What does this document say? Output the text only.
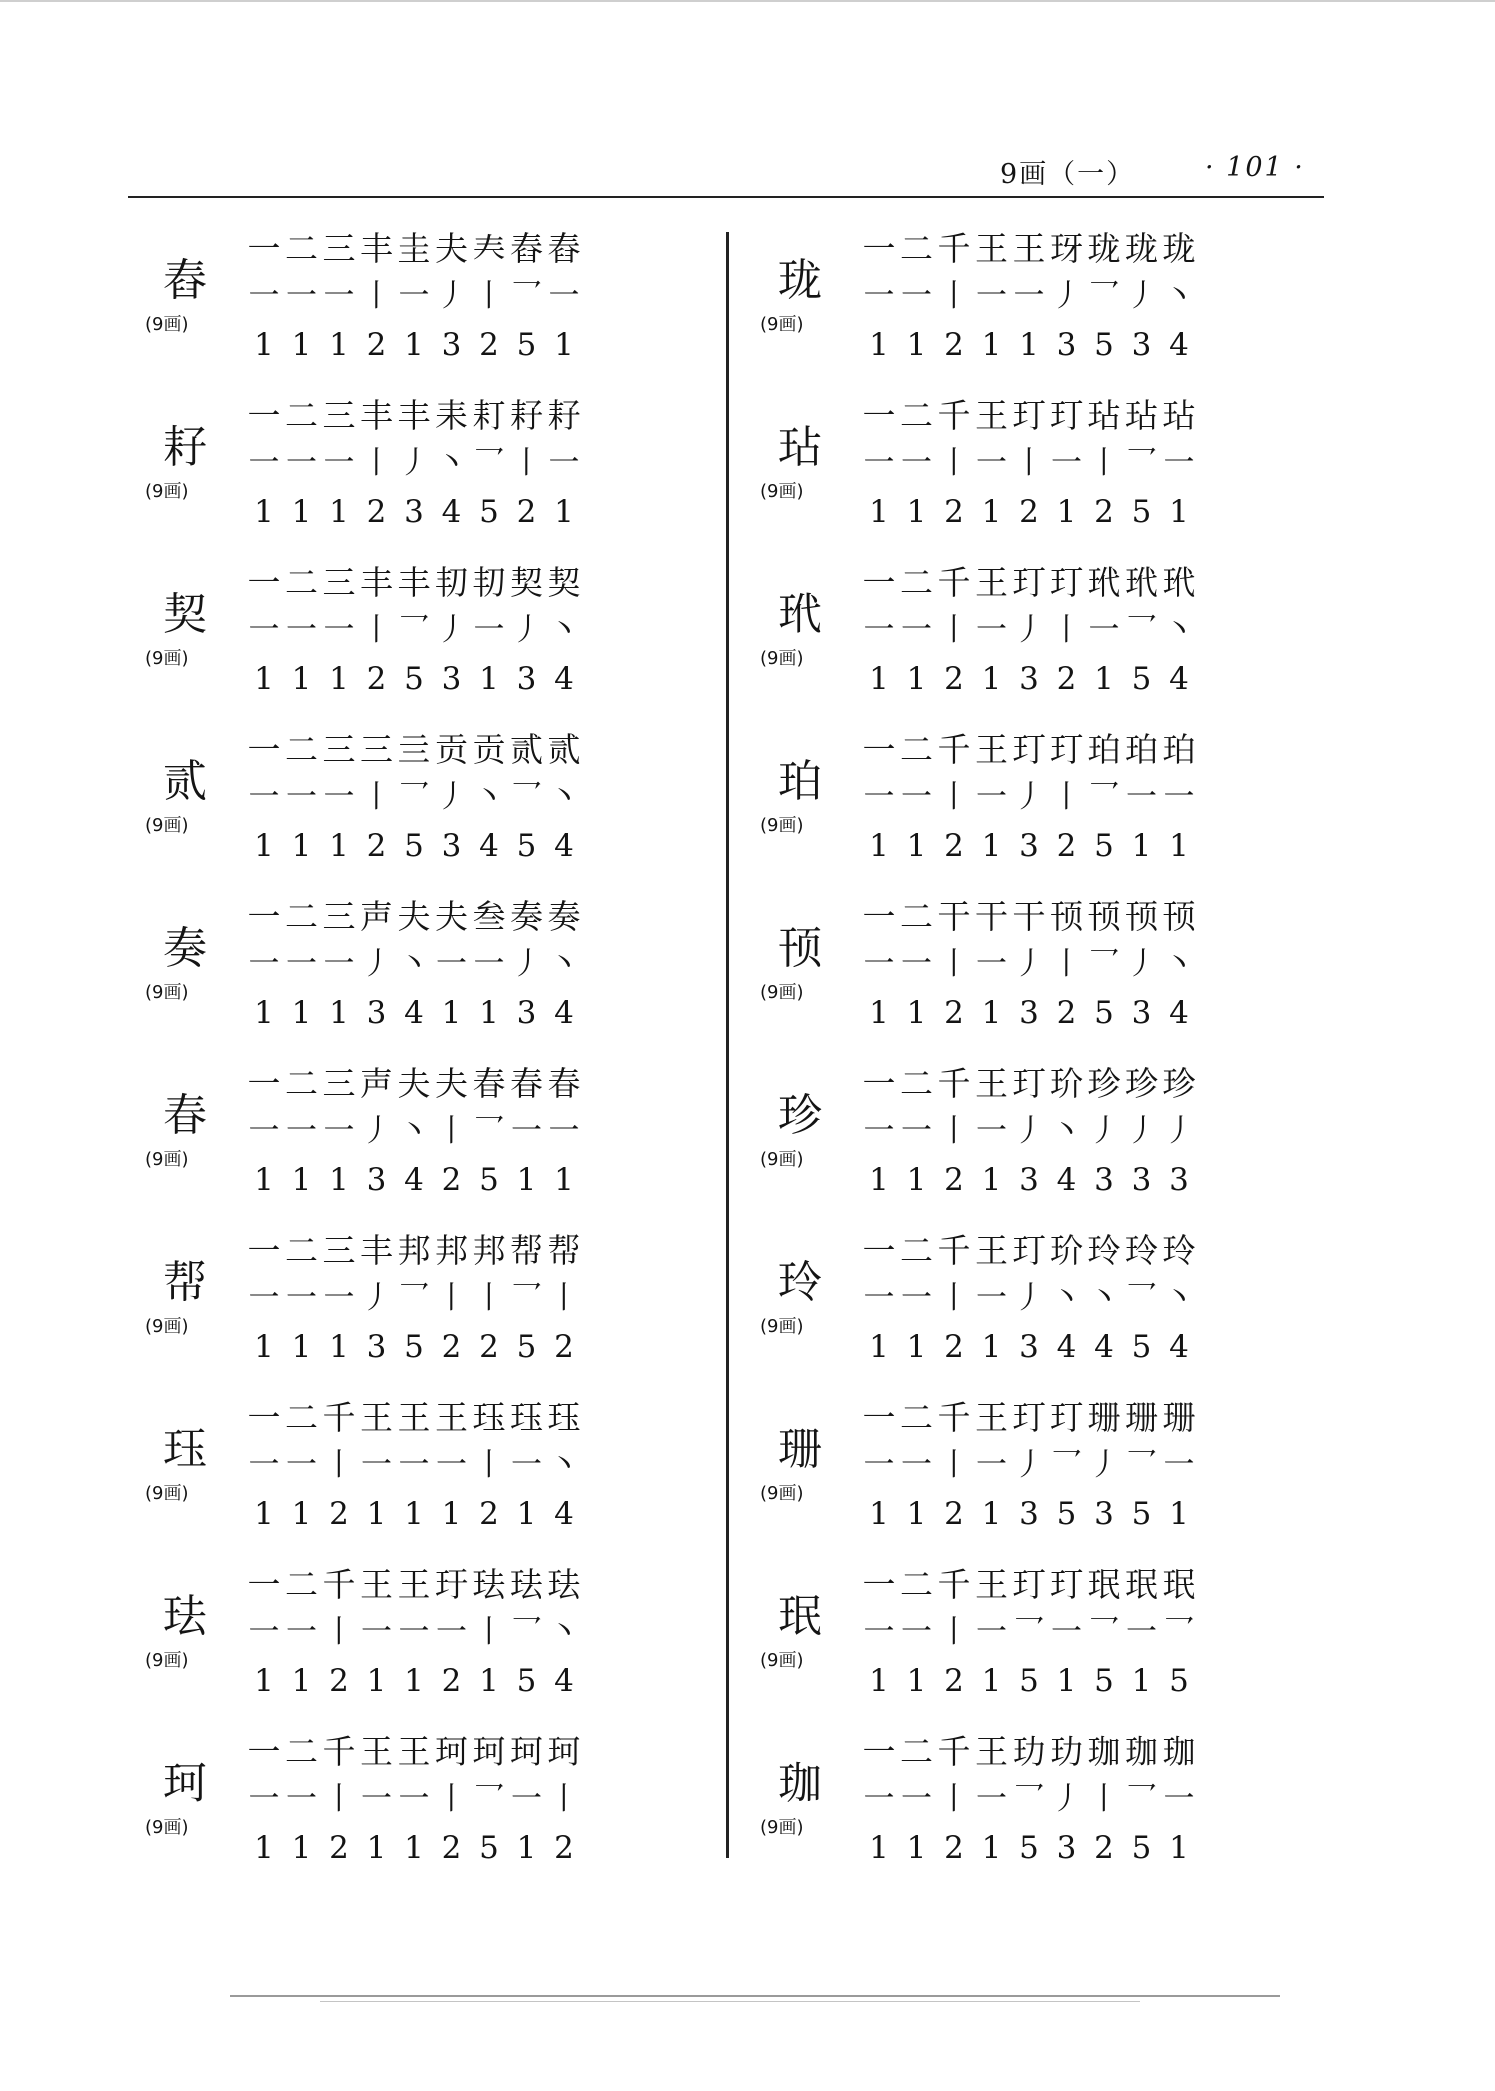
9画（一）	· 101 ·
舂
(9画)
一 二 三 丰 圭 夫 𡗗 舂 舂
一 一 一 丨 一 丿 丨 乛 一
1 1 1 2 1 3 2 5 1
耔
(9画)
一 二 三 丰 丰 耒 耓 耔 耔
一 一 一 丨 丿 丶 乛 丨 一
1 1 1 2 3 4 5 2 1
契
(9画)
一 二 三 丰 丰 㓞 㓞 契 契
一 一 一 丨 乛 丿 一 丿 丶
1 1 1 2 5 3 1 3 4
贰
(9画)
一 二 三 三 亖 贡 贡 贰 贰
一 一 一 丨 乛 丿 丶 乛 丶
1 1 1 2 5 3 4 5 4
奏
(9画)
一 二 三 声 夫 夫 叁 奏 奏
一 一 一 丿 丶 一 一 丿 丶
1 1 1 3 4 1 1 3 4
春
(9画)
一 二 三 声 夫 夫 春 春 春
一 一 一 丿 丶 丨 乛 一 一
1 1 1 3 4 2 5 1 1
帮
(9画)
一 二 三 丰 邦 邦 邦 帮 帮
一 一 一 丿 乛 丨 丨 乛 丨
1 1 1 3 5 2 2 5 2
珏
(9画)
一 二 千 王 王 王 珏 珏 珏
一 一 丨 一 一 一 丨 一 丶
1 1 2 1 1 1 2 1 4
珐
(9画)
一 二 千 王 王 玗 珐 珐 珐
一 一 丨 一 一 一 丨 乛 丶
1 1 2 1 1 2 1 5 4
珂
(9画)
一 二 千 王 王 珂 珂 珂 珂
一 一 丨 一 一 丨 乛 一 丨
1 1 2 1 1 2 5 1 2
珑
(9画)
一 二 千 王 王 玡 珑 珑 珑
一 一 丨 一 一 丿 乛 丿 丶
1 1 2 1 1 3 5 3 4
玷
(9画)
一 二 千 王 玎 玎 玷 玷 玷
一 一 丨 一 丨 一 丨 乛 一
1 1 2 1 2 1 2 5 1
玳
(9画)
一 二 千 王 玎 玎 玳 玳 玳
一 一 丨 一 丿 丨 一 乛 丶
1 1 2 1 3 2 1 5 4
珀
(9画)
一 二 千 王 玎 玎 珀 珀 珀
一 一 丨 一 丿 丨 乛 一 一
1 1 2 1 3 2 5 1 1
顸
(9画)
一 二 干 干 干 顸 顸 顸 顸
一 一 丨 一 丿 丨 乛 丿 丶
1 1 2 1 3 2 5 3 4
珍
(9画)
一 二 千 王 玎 玠 珍 珍 珍
一 一 丨 一 丿 丶 丿 丿 丿
1 1 2 1 3 4 3 3 3
玲
(9画)
一 二 千 王 玎 玠 玲 玲 玲
一 一 丨 一 丿 丶 丶 乛 丶
1 1 2 1 3 4 4 5 4
珊
(9画)
一 二 千 王 玎 玎 珊 珊 珊
一 一 丨 一 丿 乛 丿 乛 一
1 1 2 1 3 5 3 5 1
珉
(9画)
一 二 千 王 玎 玎 珉 珉 珉
一 一 丨 一 乛 一 乛 一 乛
1 1 2 1 5 1 5 1 5
珈
(9画)
一 二 千 王 玏 玏 珈 珈 珈
一 一 丨 一 乛 丿 丨 乛 一
1 1 2 1 5 3 2 5 1
